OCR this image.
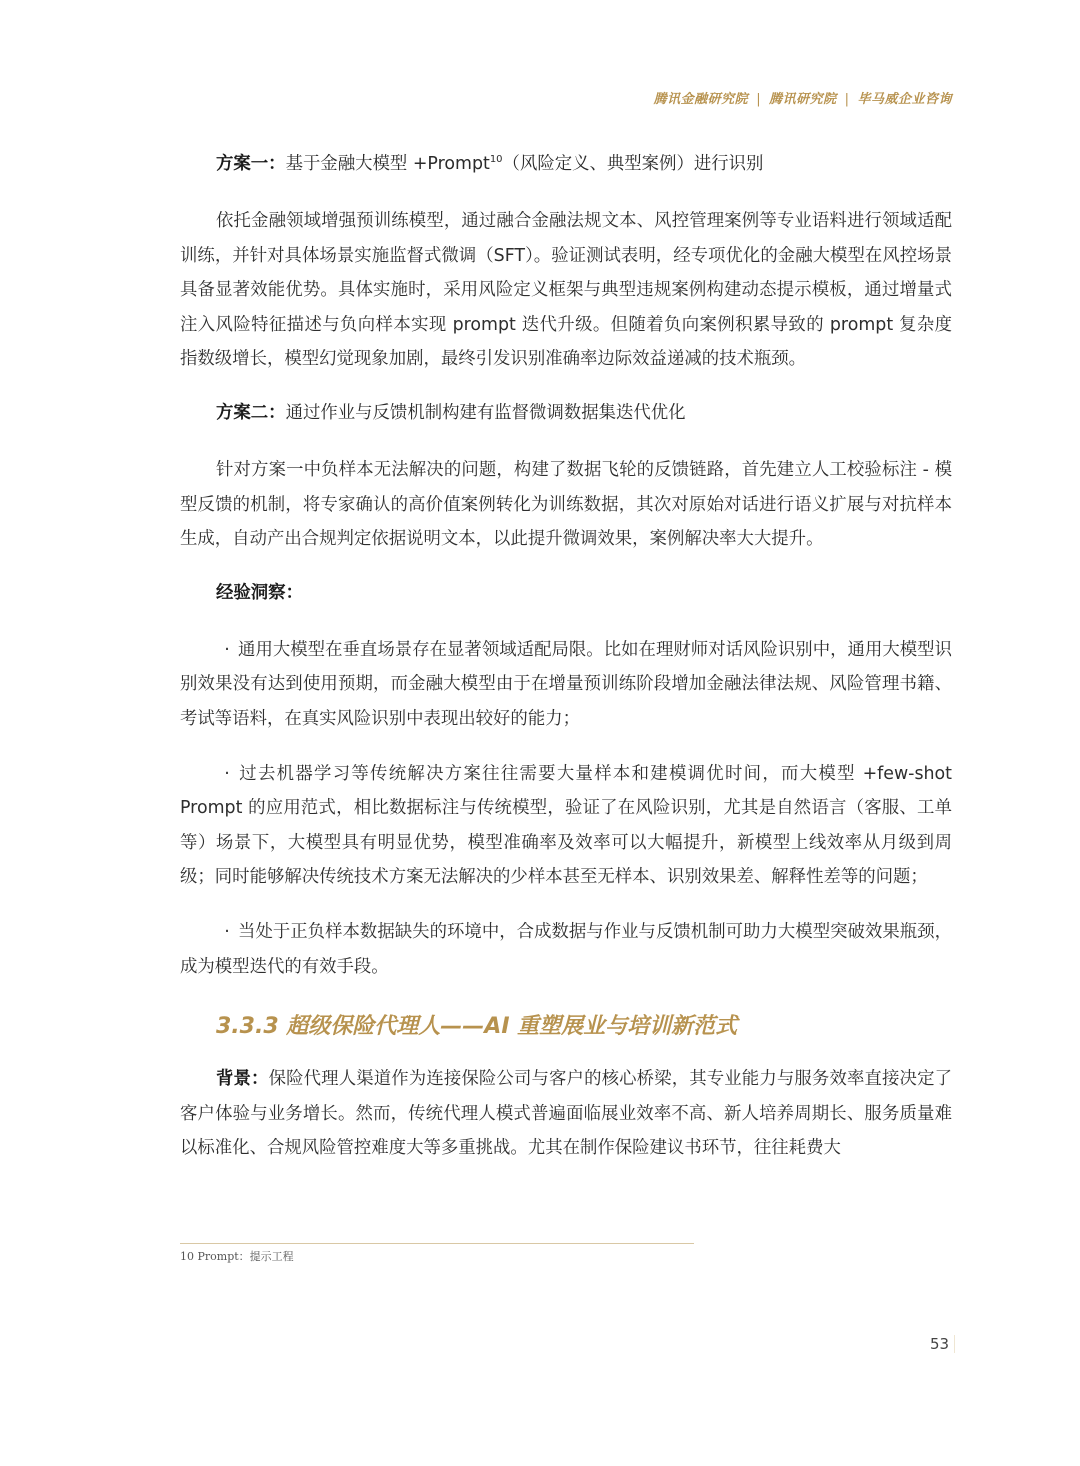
腾讯金融研究院 | 腾讯研究院 | 毕马威企业咨询

方案一：基于金融大模型 +Prompt$^{10}$（风险定义、典型案例）进行识别

依托金融领域增强预训练模型，通过融合金融法规文本、风控管理案例等专业语料进行领域适配训练，并针对具体场景实施监督式微调（SFT）。验证测试表明，经专项优化的金融大模型在风控场景具备显著效能优势。具体实施时，采用风险定义框架与典型违规案例构建动态提示模板，通过增量式注入风险特征描述与负向样本实现 prompt 迭代升级。但随着负向案例积累导致的 prompt 复杂度指数级增长，模型幻觉现象加剧，最终引发识别准确率边际效益递减的技术瓶颈。

方案二：通过作业与反馈机制构建有监督微调数据集迭代优化

针对方案一中负样本无法解决的问题，构建了数据飞轮的反馈链路，首先建立人工校验标注 - 模型反馈的机制，将专家确认的高价值案例转化为训练数据，其次对原始对话进行语义扩展与对抗样本生成，自动产出合规判定依据说明文本，以此提升微调效果，案例解决率大大提升。

经验洞察：

· 通用大模型在垂直场景存在显著领域适配局限。比如在理财师对话风险识别中，通用大模型识别效果没有达到使用预期，而金融大模型由于在增量预训练阶段增加金融法律法规、风险管理书籍、考试等语料，在真实风险识别中表现出较好的能力；

· 过去机器学习等传统解决方案往往需要大量样本和建模调优时间，而大模型 +few-shot Prompt 的应用范式，相比数据标注与传统模型，验证了在风险识别，尤其是自然语言（客服、工单等）场景下，大模型具有明显优势，模型准确率及效率可以大幅提升，新模型上线效率从月级到周级；同时能够解决传统技术方案无法解决的少样本甚至无样本、识别效果差、解释性差等的问题；

· 当处于正负样本数据缺失的环境中，合成数据与作业与反馈机制可助力大模型突破效果瓶颈，成为模型迭代的有效手段。

3.3.3 超级保险代理人——AI 重塑展业与培训新范式

背景：保险代理人渠道作为连接保险公司与客户的核心桥梁，其专业能力与服务效率直接决定了客户体验与业务增长。然而，传统代理人模式普遍面临展业效率不高、新人培养周期长、服务质量难以标准化、合规风险管控难度大等多重挑战。尤其在制作保险建议书环节，往往耗费大

10 Prompt：提示工程
53
